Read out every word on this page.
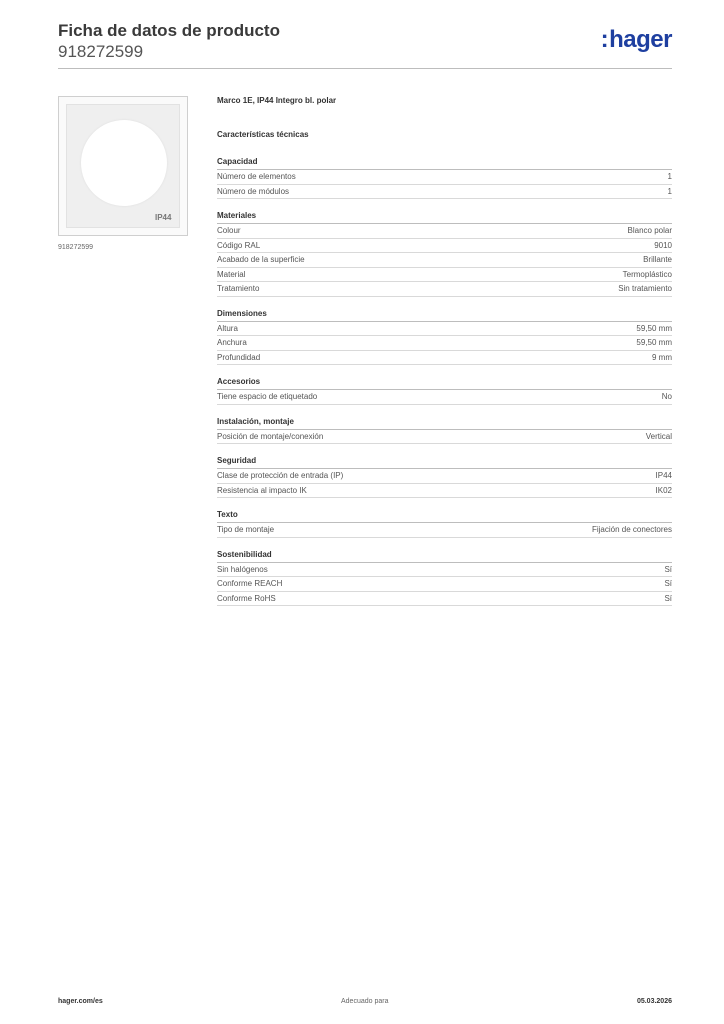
Ficha de datos de producto
918272599	:hager
IP44
918272599
Marco 1E, IP44 Integro bl. polar
Características técnicas
Capacidad
Número de elementos	1
Número de módulos	1
Materiales
Colour	Blanco polar
Código RAL	9010
Acabado de la superficie	Brillante
Material	Termoplástico
Tratamiento	Sin tratamiento
Dimensiones
Altura	59,50 mm
Anchura	59,50 mm
Profundidad	9 mm
Accesorios
Tiene espacio de etiquetado	No
Instalación, montaje
Posición de montaje/conexión	Vertical
Seguridad
Clase de protección de entrada (IP)	IP44
Resistencia al impacto IK	IK02
Texto
Tipo de montaje	Fijación de conectores
Sostenibilidad
Sin halógenos	Sí
Conforme REACH	Sí
Conforme RoHS	Sí
hager.com/es	Adecuado para	05.03.2026
